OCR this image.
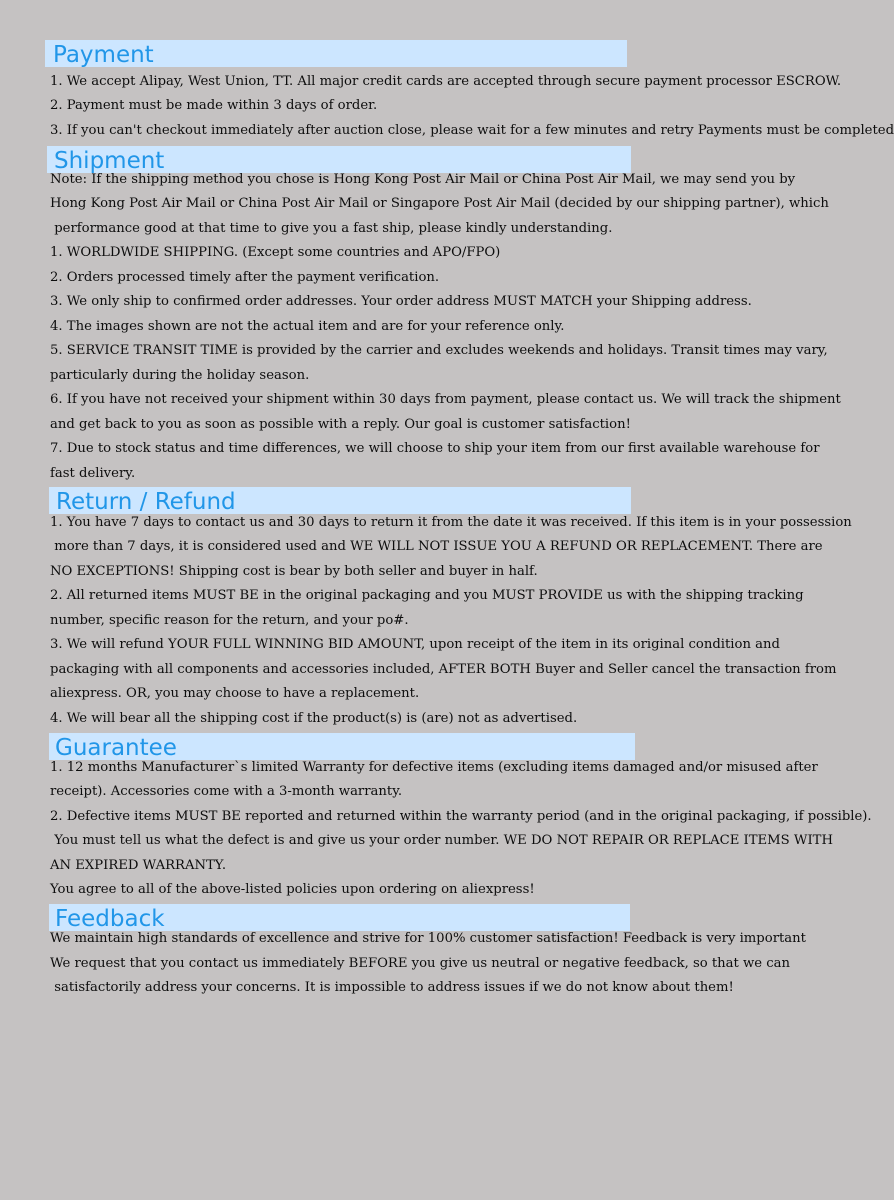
Payment
1. We accept Alipay, West Union, TT. All major credit cards are accepted through secure payment processor ESCROW.
2. Payment must be made within 3 days of order.
3. If you can't checkout immediately after auction close, please wait for a few minutes and retry Payments must be completed
Shipment
Note: If the shipping method you chose is Hong Kong Post Air Mail or China Post Air Mail, we may send you by
Hong Kong Post Air Mail or China Post Air Mail or Singapore Post Air Mail (decided by our shipping partner), which
performance good at that time to give you a fast ship, please kindly understanding.
1. WORLDWIDE SHIPPING. (Except some countries and APO/FPO)
2. Orders processed timely after the payment verification.
3. We only ship to confirmed order addresses. Your order address MUST MATCH your Shipping address.
4. The images shown are not the actual item and are for your reference only.
5. SERVICE TRANSIT TIME is provided by the carrier and excludes weekends and holidays. Transit times may vary,
particularly during the holiday season.
6. If you have not received your shipment within 30 days from payment, please contact us. We will track the shipment
and get back to you as soon as possible with a reply. Our goal is customer satisfaction!
7. Due to stock status and time differences, we will choose to ship your item from our first available warehouse for
fast delivery.
Return / Refund
1. You have 7 days to contact us and 30 days to return it from the date it was received. If this item is in your possession
more than 7 days, it is considered used and WE WILL NOT ISSUE YOU A REFUND OR REPLACEMENT. There are
NO EXCEPTIONS! Shipping cost is bear by both seller and buyer in half.
2. All returned items MUST BE in the original packaging and you MUST PROVIDE us with the shipping tracking
number, specific reason for the return, and your po#.
3. We will refund YOUR FULL WINNING BID AMOUNT, upon receipt of the item in its original condition and
packaging with all components and accessories included, AFTER BOTH Buyer and Seller cancel the transaction from
aliexpress. OR, you may choose to have a replacement.
4. We will bear all the shipping cost if the product(s) is (are) not as advertised.
Guarantee
1. 12 months Manufacturer`s limited Warranty for defective items (excluding items damaged and/or misused after
receipt). Accessories come with a 3-month warranty.
2. Defective items MUST BE reported and returned within the warranty period (and in the original packaging, if possible).
You must tell us what the defect is and give us your order number. WE DO NOT REPAIR OR REPLACE ITEMS WITH
AN EXPIRED WARRANTY.
You agree to all of the above-listed policies upon ordering on aliexpress!
Feedback
We maintain high standards of excellence and strive for 100% customer satisfaction! Feedback is very important
We request that you contact us immediately BEFORE you give us neutral or negative feedback, so that we can
satisfactorily address your concerns. It is impossible to address issues if we do not know about them!
